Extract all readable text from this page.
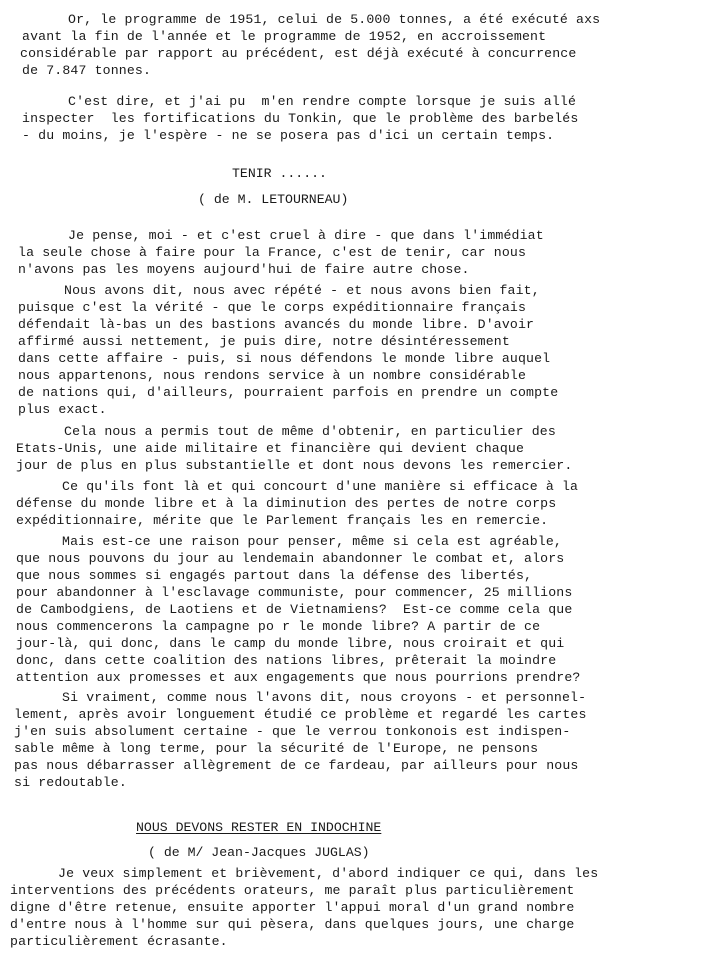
Or, le programme de 1951, celui de 5.000 tonnes, a été exécuté axs
avant la fin de l'année et le programme de 1952, en accroissement
considérable par rapport au précédent, est déjà exécuté à concurrence
de 7.847 tonnes.
C'est dire, et j'ai pu  m'en rendre compte lorsque je suis allé
inspecter  les fortifications du Tonkin, que le problème des barbelés
- du moins, je l'espère - ne se posera pas d'ici un certain temps.
TENIR ......
( de M. LETOURNEAU)
Je pense, moi - et c'est cruel à dire - que dans l'immédiat
la seule chose à faire pour la France, c'est de tenir, car nous
n'avons pas les moyens aujourd'hui de faire autre chose.
Nous avons dit, nous avec répété - et nous avons bien fait,
puisque c'est la vérité - que le corps expéditionnaire français
défendait là-bas un des bastions avancés du monde libre. D'avoir
affirmé aussi nettement, je puis dire, notre désintéressement
dans cette affaire - puis, si nous défendons le monde libre auquel
nous appartenons, nous rendons service à un nombre considérable
de nations qui, d'ailleurs, pourraient parfois en prendre un compte
plus exact.
Cela nous a permis tout de même d'obtenir, en particulier des
Etats-Unis, une aide militaire et financière qui devient chaque
jour de plus en plus substantielle et dont nous devons les remercier.
Ce qu'ils font là et qui concourt d'une manière si efficace à la
défense du monde libre et à la diminution des pertes de notre corps
expéditionnaire, mérite que le Parlement français les en remercie.
Mais est-ce une raison pour penser, même si cela est agréable,
que nous pouvons du jour au lendemain abandonner le combat et, alors
que nous sommes si engagés partout dans la défense des libertés,
pour abandonner à l'esclavage communiste, pour commencer, 25 millions
de Cambodgiens, de Laotiens et de Vietnamiens?  Est-ce comme cela que
nous commencerons la campagne po r le monde libre? A partir de ce
jour-là, qui donc, dans le camp du monde libre, nous croirait et qui
donc, dans cette coalition des nations libres, prêterait la moindre
attention aux promesses et aux engagements que nous pourrions prendre?
Si vraiment, comme nous l'avons dit, nous croyons - et personnel-
lement, après avoir longuement étudié ce problème et regardé les cartes
j'en suis absolument certaine - que le verrou tonkonois est indispen-
sable même à long terme, pour la sécurité de l'Europe, ne pensons
pas nous débarrasser allègrement de ce fardeau, par ailleurs pour nous
si redoutable.
NOUS DEVONS RESTER EN INDOCHINE
( de M/ Jean-Jacques JUGLAS)
Je veux simplement et brièvement, d'abord indiquer ce qui, dans les
interventions des précédents orateurs, me paraît plus particulièrement
digne d'être retenue, ensuite apporter l'appui moral d'un grand nombre
d'entre nous à l'homme sur qui pèsera, dans quelques jours, une charge
particulièrement écrasante.
